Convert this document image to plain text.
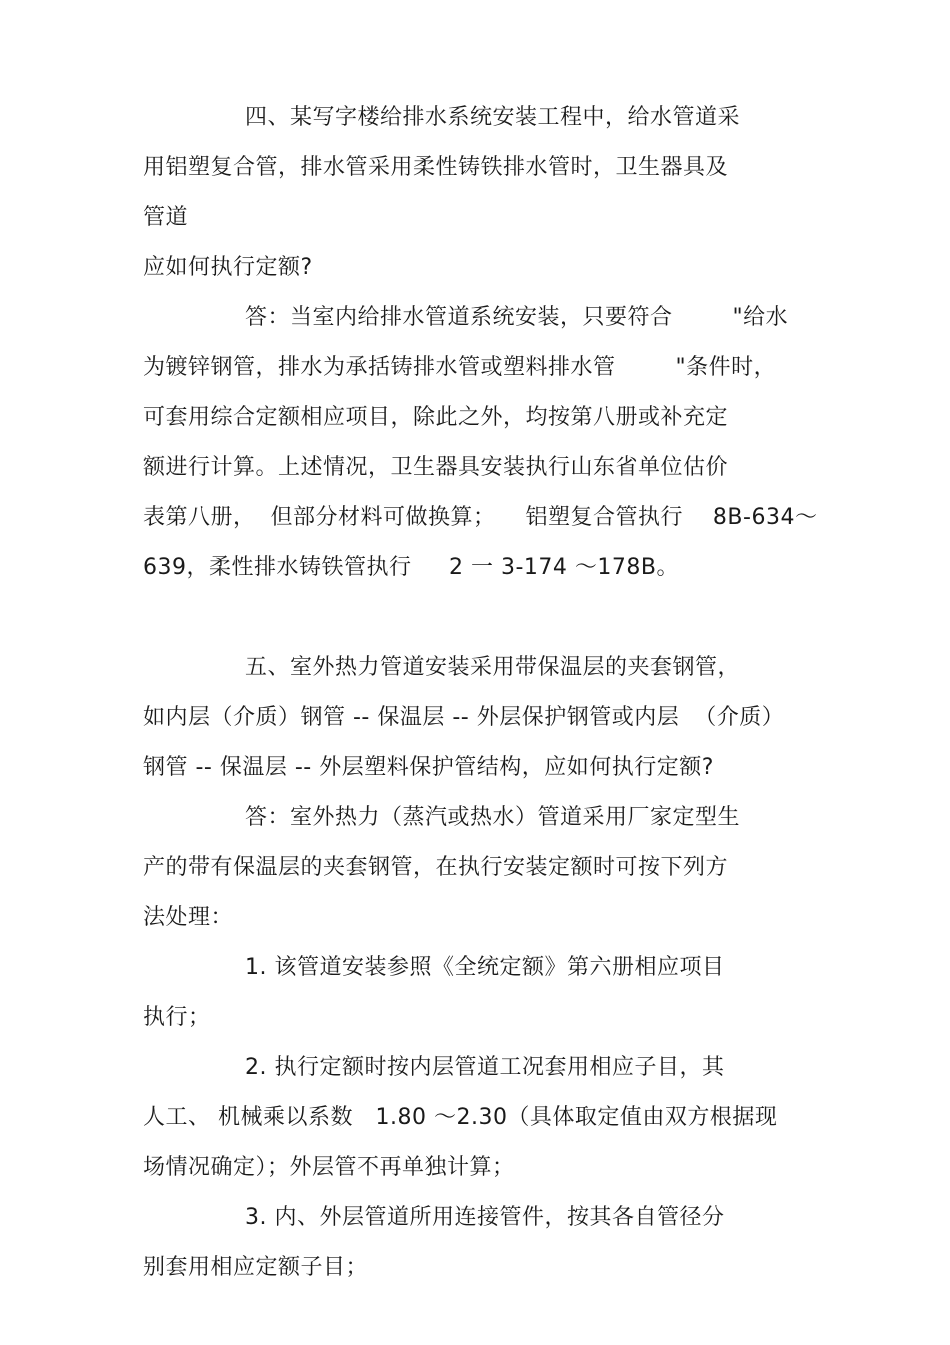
四、某写字楼给排水系统安装工程中，给水管道采
用铝塑复合管，排水管采用柔性铸铁排水管时，卫生器具及
管道
应如何执行定额?
答：当室内给排水管道系统安装，只要符合        "给水
为镀锌钢管，排水为承括铸排水管或塑料排水管        "条件时，
可套用综合定额相应项目，除此之外，均按第八册或补充定
额进行计算。上述情况，卫生器具安装执行山东省单位估价
表第八册，  但部分材料可做换算；    铝塑复合管执行    8B-634～
639，柔性排水铸铁管执行     2 一 3-174 ～178B。
五、室外热力管道安装采用带保温层的夹套钢管，
如内层（介质）钢管 -- 保温层 -- 外层保护钢管或内层  （介质）
钢管 -- 保温层 -- 外层塑料保护管结构，应如何执行定额?
答：室外热力（蒸汽或热水）管道采用厂家定型生
产的带有保温层的夹套钢管，在执行安装定额时可按下列方
法处理：
1. 该管道安装参照《全统定额》第六册相应项目
执行；
2. 执行定额时按内层管道工况套用相应子目，其
人工、 机械乘以系数   1.80 ～2.30（具体取定值由双方根据现
场情况确定）；外层管不再单独计算；
3. 内、外层管道所用连接管件，按其各自管径分
别套用相应定额子目；
